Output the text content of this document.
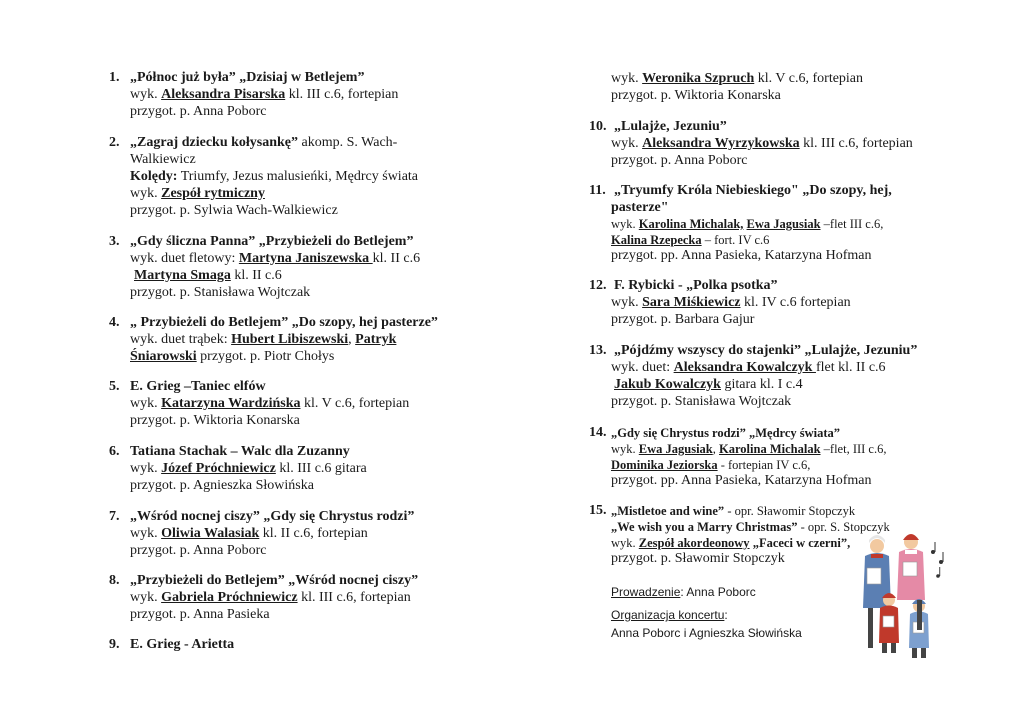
1. „Północ już była” „Dzisiaj w Betlejem”
wyk. Aleksandra Pisarska kl. III c.6, fortepian
przygot. p. Anna Poborc
2. „Zagraj dziecku kołysankę” akomp. S. Wach-
Walkiewicz
Kolędy: Triumfy, Jezus malusieńki, Mędrcy świata
wyk. Zespół rytmiczny
przygot. p. Sylwia Wach-Walkiewicz
3. „Gdy śliczna Panna” „Przybieżeli do Betlejem”
wyk. duet fletowy: Martyna Janiszewska kl. II c.6
Martyna Smaga kl. II c.6
przygot. p. Stanisława Wojtczak
4. „ Przybieżeli do Betlejem” „Do szopy, hej pasterze”
wyk. duet trąbek: Hubert Libiszewski, Patryk
Śniarowski przygot. p. Piotr Chołys
5. E. Grieg –Taniec elfów
wyk. Katarzyna Wardzińska kl. V c.6, fortepian
przygot. p. Wiktoria Konarska
6. Tatiana Stachak – Walc dla Zuzanny
wyk. Józef Próchniewicz kl. III c.6 gitara
przygot. p. Agnieszka Słowińska
7. „Wśród nocnej ciszy” „Gdy się Chrystus rodzi”
wyk. Oliwia Walasiak kl. II c.6, fortepian
przygot. p. Anna Poborc
8. „Przybieżeli do Betlejem” „Wśród nocnej ciszy”
wyk. Gabriela Próchniewicz kl. III c.6, fortepian
przygot. p. Anna Pasieka
9. E. Grieg - Arietta
wyk. Weronika Szpruch kl. V c.6, fortepian
przygot. p. Wiktoria Konarska
10. „Lulajże, Jezuniu”
wyk. Aleksandra Wyrzykowska kl. III c.6, fortepian
przygot. p. Anna Poborc
11. „Tryumfy Króla Niebieskiego" „Do szopy, hej,
pasterze"
wyk. Karolina Michalak, Ewa Jagusiak –flet III c.6,
Kalina Rzepecka – fort. IV c.6
przygot. pp. Anna Pasieka, Katarzyna Hofman
12. F. Rybicki - „Polka psotka”
wyk. Sara Miśkiewicz kl. IV c.6 fortepian
przygot. p. Barbara Gajur
13. „Pójdźmy wszyscy do stajenki” „Lulajże, Jezuniu”
wyk. duet: Aleksandra Kowalczyk flet kl. II c.6
Jakub Kowalczyk gitara kl. I c.4
przygot. p. Stanisława Wojtczak
14. „Gdy się Chrystus rodzi” „Mędrcy świata”
wyk. Ewa Jagusiak, Karolina Michalak –flet, III c.6,
Dominika Jeziorska - fortepian IV c.6,
przygot. pp. Anna Pasieka, Katarzyna Hofman
15. „Mistletoe and wine” - opr. Sławomir Stopczyk
„We wish you a Marry Christmas” - opr. S. Stopczyk
wyk. Zespół akordeonowy „Faceci w czerni”,
przygot. p. Sławomir Stopczyk
Prowadzenie: Anna Poborc
Organizacja koncertu:
Anna Poborc i Agnieszka Słowińska
